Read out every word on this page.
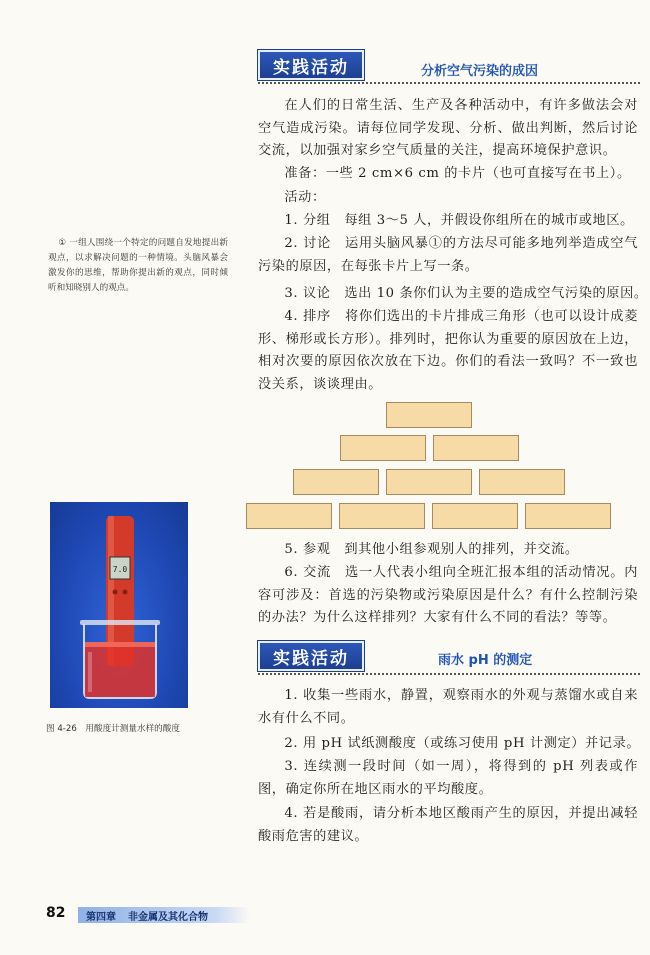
实践活动	分析空气污染的成因
在人们的日常生活、生产及各种活动中，有许多做法会对空气造成污染。请每位同学发现、分析、做出判断，然后讨论交流，以加强对家乡空气质量的关注，提高环境保护意识。
准备：一些 2 cm×6 cm 的卡片（也可直接写在书上）。
活动：
1. 分组　每组 3～5 人，并假设你组所在的城市或地区。
2. 讨论　运用头脑风暴①的方法尽可能多地列举造成空气污染的原因，在每张卡片上写一条。
3. 议论　选出 10 条你们认为主要的造成空气污染的原因。
4. 排序　将你们选出的卡片排成三角形（也可以设计成菱形、梯形或长方形）。排列时，把你认为重要的原因放在上边，相对次要的原因依次放在下边。你们的看法一致吗？不一致也没关系，谈谈理由。
5. 参观　到其他小组参观别人的排列，并交流。
6. 交流　选一人代表小组向全班汇报本组的活动情况。内容可涉及：首选的污染物或污染原因是什么？有什么控制污染的办法？为什么这样排列？大家有什么不同的看法？等等。
实践活动	雨水 pH 的测定
1. 收集一些雨水，静置，观察雨水的外观与蒸馏水或自来水有什么不同。
2. 用 pH 试纸测酸度（或练习使用 pH 计测定）并记录。
3. 连续测一段时间（如一周），将得到的 pH 列表或作图，确定你所在地区雨水的平均酸度。
4. 若是酸雨，请分析本地区酸雨产生的原因，并提出减轻酸雨危害的建议。
① 一组人围绕一个特定的问题自发地提出新观点，以求解决问题的一种情境。头脑风暴会激发你的思维，帮助你提出新的观点，同时倾听和知晓别人的观点。
7.0
图 4-26　用酸度计测量水样的酸度
82 第四章 非金属及其化合物
